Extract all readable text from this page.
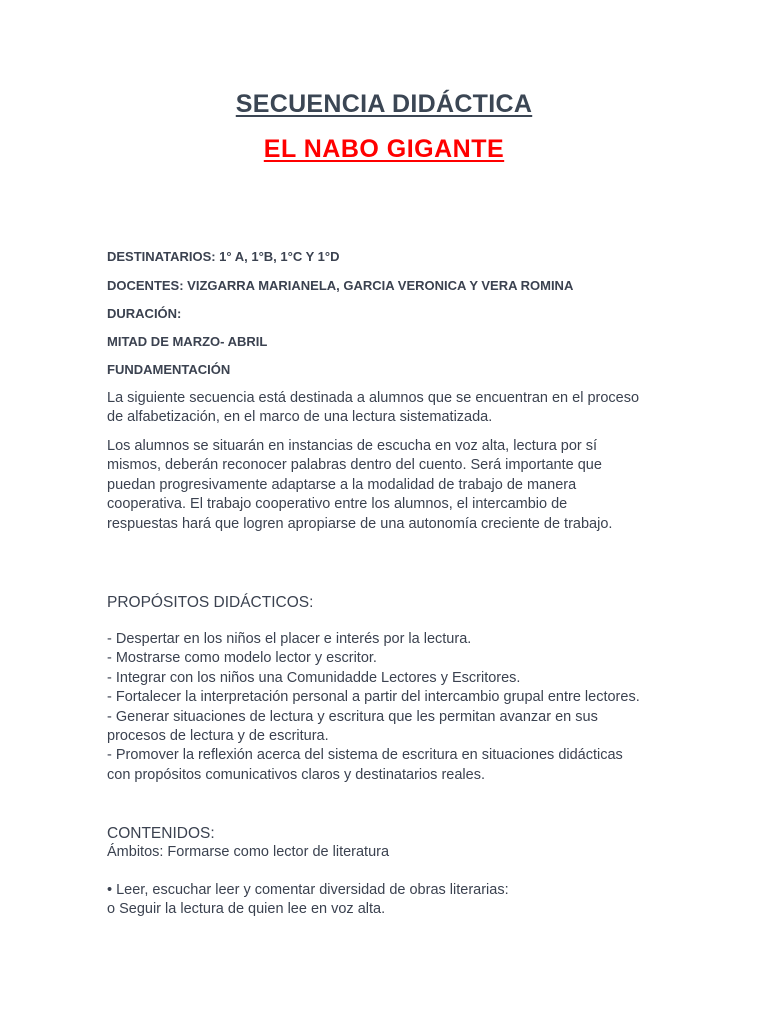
SECUENCIA DIDÁCTICA
EL NABO GIGANTE

DESTINATARIOS: 1° A, 1°B, 1°C Y 1°D

DOCENTES: VIZGARRA MARIANELA, GARCIA VERONICA Y VERA ROMINA

DURACIÓN:

MITAD DE MARZO- ABRIL

FUNDAMENTACIÓN

La siguiente secuencia está destinada a alumnos que se encuentran en el proceso
de alfabetización, en el marco de una lectura sistematizada.
Los alumnos se situarán en instancias de escucha en voz alta, lectura por sí
mismos, deberán reconocer palabras dentro del cuento. Será importante que
puedan progresivamente adaptarse a la modalidad de trabajo de manera
cooperativa. El trabajo cooperativo entre los alumnos, el intercambio de
respuestas hará que logren apropiarse de una autonomía creciente de trabajo.

PROPÓSITOS DIDÁCTICOS:

- Despertar en los niños el placer e interés por la lectura.
- Mostrarse como modelo lector y escritor.
- Integrar con los niños una Comunidadde Lectores y Escritores.
- Fortalecer la interpretación personal a partir del intercambio grupal entre lectores.
- Generar situaciones de lectura y escritura que les permitan avanzar en sus
procesos de lectura y de escritura.
- Promover la reflexión acerca del sistema de escritura en situaciones didácticas
con propósitos comunicativos claros y destinatarios reales.

CONTENIDOS:

Ámbitos: Formarse como lector de literatura

• Leer, escuchar leer y comentar diversidad de obras literarias:
o Seguir la lectura de quien lee en voz alta.
